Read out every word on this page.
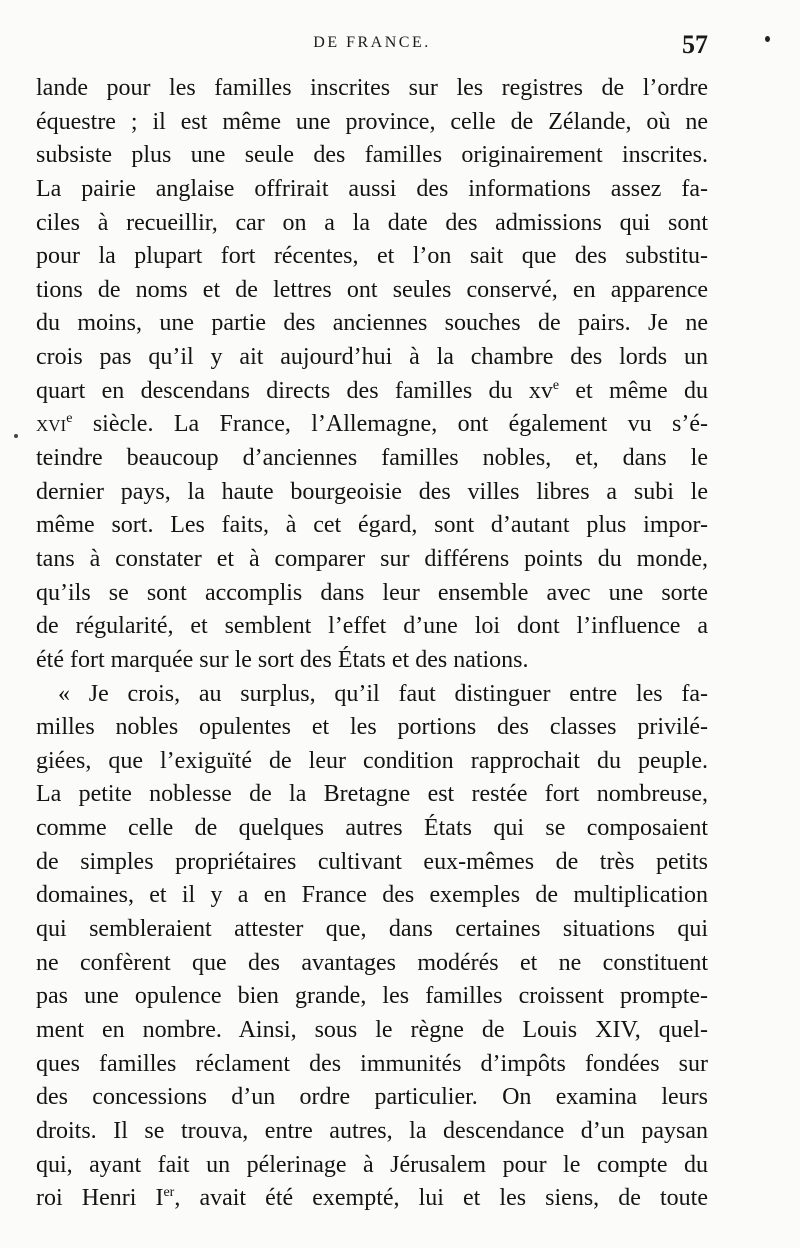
DE FRANCE.	57
lande pour les familles inscrites sur les registres de l’ordre
équestre ; il est même une province, celle de Zélande, où ne
subsiste plus une seule des familles originairement inscrites.
La pairie anglaise offrirait aussi des informations assez fa-
ciles à recueillir, car on a la date des admissions qui sont
pour la plupart fort récentes, et l’on sait que des substitu-
tions de noms et de lettres ont seules conservé, en apparence
du moins, une partie des anciennes souches de pairs. Je ne
crois pas qu’il y ait aujourd’hui à la chambre des lords un
quart en descendans directs des familles du $xv^e$ et même du
xvi$^e$ siècle. La France, l’Allemagne, ont également vu s’é-
teindre beaucoup d’anciennes familles nobles, et, dans le
dernier pays, la haute bourgeoisie des villes libres a subi le
même sort. Les faits, à cet égard, sont d’autant plus impor-
tans à constater et à comparer sur différens points du monde,
qu’ils se sont accomplis dans leur ensemble avec une sorte
de régularité, et semblent l’effet d’une loi dont l’influence a
été fort marquée sur le sort des États et des nations.
« Je crois, au surplus, qu’il faut distinguer entre les fa-
milles nobles opulentes et les portions des classes privilé-
giées, que l’exiguïté de leur condition rapprochait du peuple.
La petite noblesse de la Bretagne est restée fort nombreuse,
comme celle de quelques autres États qui se composaient
de simples propriétaires cultivant eux-mêmes de très petits
domaines, et il y a en France des exemples de multiplication
qui sembleraient attester que, dans certaines situations qui
ne confèrent que des avantages modérés et ne constituent
pas une opulence bien grande, les familles croissent prompte-
ment en nombre. Ainsi, sous le règne de Louis XIV, quel-
ques familles réclament des immunités d’impôts fondées sur
des concessions d’un ordre particulier. On examina leurs
droits. Il se trouva, entre autres, la descendance d’un paysan
qui, ayant fait un pélerinage à Jérusalem pour le compte du
roi Henri Ier, avait été exempté, lui et les siens, de toute
